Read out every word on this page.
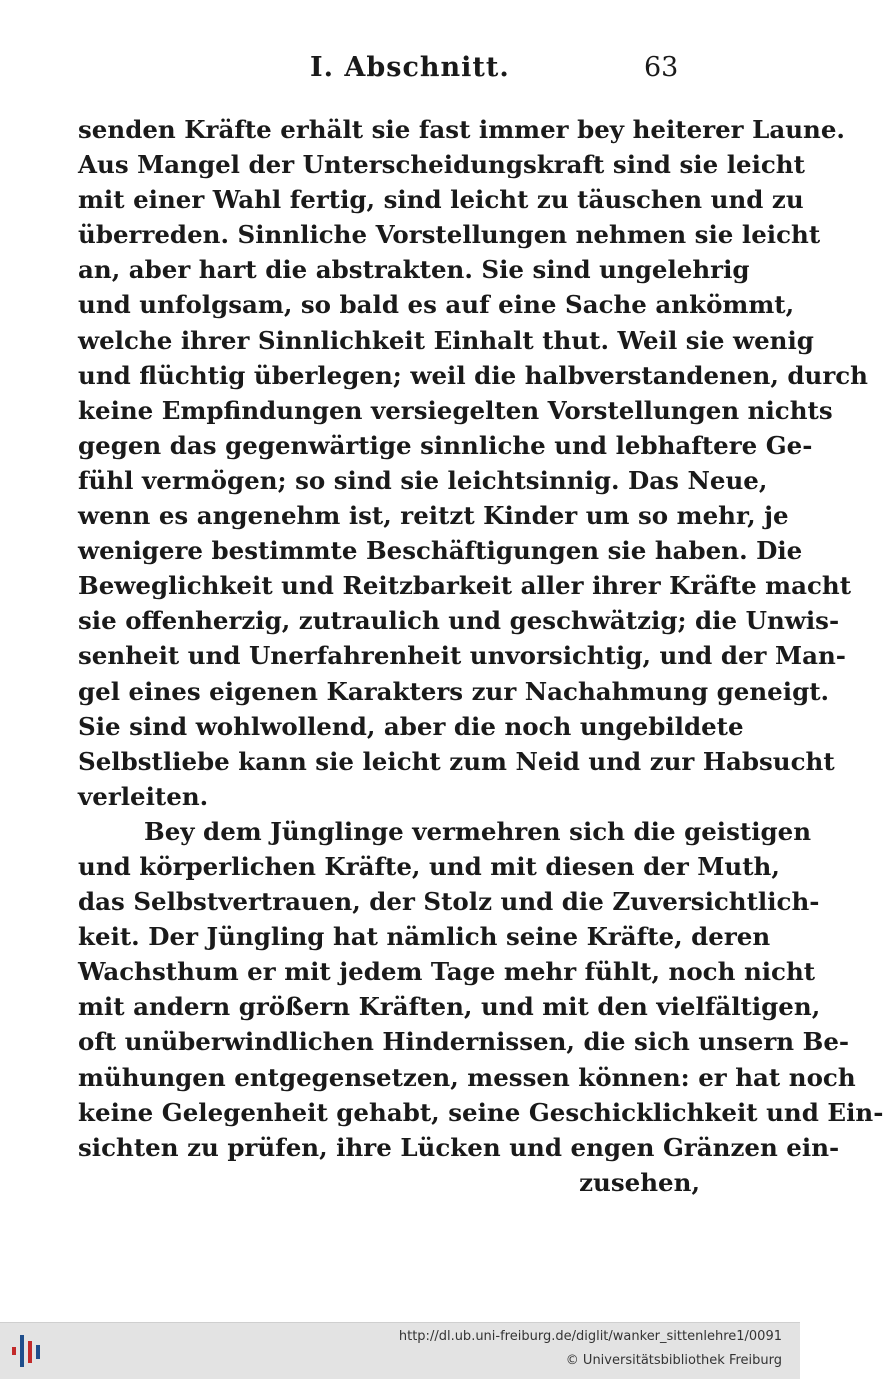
I. Abschnitt.	63
senden Kräfte erhält sie fast immer bey heiterer Laune.
Aus Mangel der Unterscheidungskraft sind sie leicht
mit einer Wahl fertig, sind leicht zu täuschen und zu
überreden. Sinnliche Vorstellungen nehmen sie leicht
an, aber hart die abstrakten. Sie sind ungelehrig
und unfolgsam, so bald es auf eine Sache ankömmt,
welche ihrer Sinnlichkeit Einhalt thut. Weil sie wenig
und flüchtig überlegen; weil die halbverstandenen, durch
keine Empfindungen versiegelten Vorstellungen nichts
gegen das gegenwärtige sinnliche und lebhaftere Ge-
fühl vermögen; so sind sie leichtsinnig. Das Neue,
wenn es angenehm ist, reitzt Kinder um so mehr, je
wenigere bestimmte Beschäftigungen sie haben. Die
Beweglichkeit und Reitzbarkeit aller ihrer Kräfte macht
sie offenherzig, zutraulich und geschwätzig; die Unwis-
senheit und Unerfahrenheit unvorsichtig, und der Man-
gel eines eigenen Karakters zur Nachahmung geneigt.
Sie sind wohlwollend, aber die noch ungebildete
Selbstliebe kann sie leicht zum Neid und zur Habsucht
verleiten.
Bey dem Jünglinge vermehren sich die geistigen
und körperlichen Kräfte, und mit diesen der Muth,
das Selbstvertrauen, der Stolz und die Zuversichtlich-
keit. Der Jüngling hat nämlich seine Kräfte, deren
Wachsthum er mit jedem Tage mehr fühlt, noch nicht
mit andern größern Kräften, und mit den vielfältigen,
oft unüberwindlichen Hindernissen, die sich unsern Be-
mühungen entgegensetzen, messen können: er hat noch
keine Gelegenheit gehabt, seine Geschicklichkeit und Ein-
sichten zu prüfen, ihre Lücken und engen Gränzen ein-
zusehen,
http://dl.ub.uni-freiburg.de/diglit/wanker_sittenlehre1/0091
© Universitätsbibliothek Freiburg
